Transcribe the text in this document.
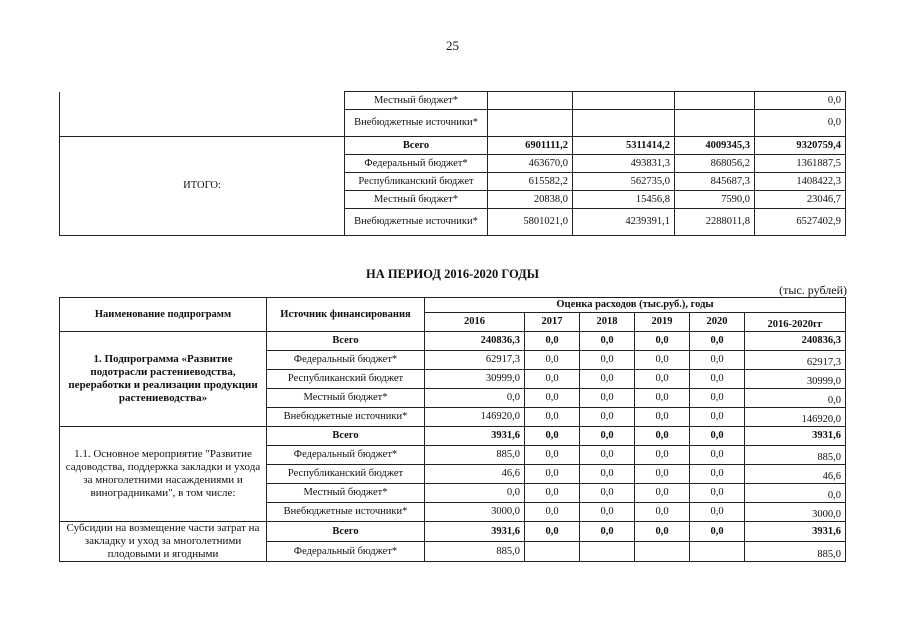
25
	Местный бюджет*				0,0
	Внебюджетные источники*				0,0
ИТОГО:	Всего	6901111,2	5311414,2	4009345,3	9320759,4
	Федеральный бюджет*	463670,0	493831,3	868056,2	1361887,5
	Республиканский бюджет	615582,2	562735,0	845687,3	1408422,3
	Местный бюджет*	20838,0	15456,8	7590,0	23046,7
	Внебюджетные источники*	5801021,0	4239391,1	2288011,8	6527402,9
НА ПЕРИОД 2016-2020 ГОДЫ
(тыс. рублей)
Наименование подпрограмм	Источник финансирования	Оценка расходов (тыс.руб.), годы					
		2016	2017	2018	2019	2020	2016-2020гг
1. Подпрограмма «Развитие подотрасли растениеводства, переработки и реализации продукции растениеводства»	Всего	240836,3	0,0	0,0	0,0	0,0	240836,3
	Федеральный бюджет*	62917,3	0,0	0,0	0,0	0,0	62917,3
	Республиканский бюджет	30999,0	0,0	0,0	0,0	0,0	30999,0
	Местный бюджет*	0,0	0,0	0,0	0,0	0,0	0,0
	Внебюджетные источники*	146920,0	0,0	0,0	0,0	0,0	146920,0
1.1. Основное мероприятие "Развитие садоводства, поддержка закладки и ухода за многолетними насаждениями и виноградниками", в том числе:	Всего	3931,6	0,0	0,0	0,0	0,0	3931,6
	Федеральный бюджет*	885,0	0,0	0,0	0,0	0,0	885,0
	Республиканский бюджет	46,6	0,0	0,0	0,0	0,0	46,6
	Местный бюджет*	0,0	0,0	0,0	0,0	0,0	0,0
	Внебюджетные источники*	3000,0	0,0	0,0	0,0	0,0	3000,0
Субсидии на возмещение части затрат на закладку и уход за многолетними плодовыми и ягодными	Всего	3931,6	0,0	0,0	0,0	0,0	3931,6
	Федеральный бюджет*	885,0					885,0
